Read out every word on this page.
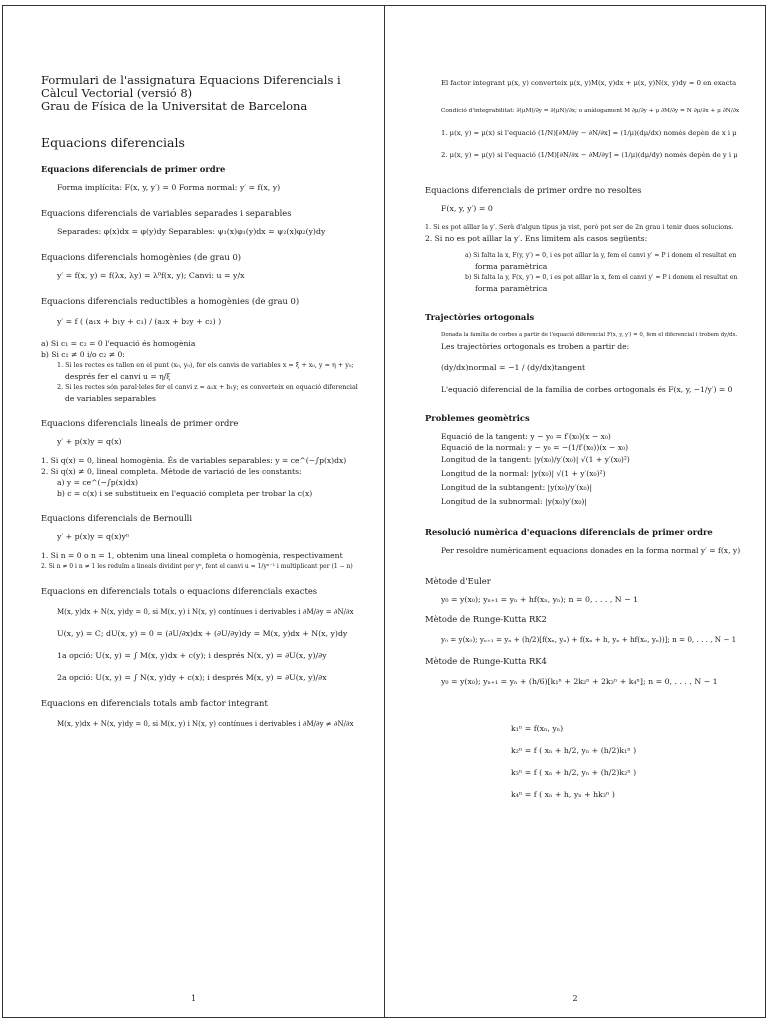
Formulari de l'assignatura Equacions Diferencials i Càlcul Vectorial (versió 8)
Grau de Física de la Universitat de Barcelona
Equacions diferencials
Equacions diferencials de primer ordre
Forma implícita: F(x, y, y′) = 0 Forma normal: y′ = f(x, y)
Equacions diferencials de variables separades i separables
Separades: φ(x)dx = φ(y)dy Separables: ψ₁(x)φ₁(y)dx = ψ₂(x)φ₂(y)dy
Equacions diferencials homogènies (de grau 0)
y′ = f(x, y) = f(λx, λy) = λ⁰f(x, y); Canvi: u = y/x
Equacions diferencials reductibles a homogènies (de grau 0)
y′ = f ( (a₁x + b₁y + c₁) / (a₂x + b₂y + c₂) )
a) Si c₁ = c₂ = 0 l'equació és homogènia
b) Si c₁ ≠ 0 i/o c₂ ≠ 0:
1. Si les rectes es tallen en el punt (x₀, y₀), fer els canvis de variables x = ξ + x₀, y = η + y₀;
després fer el canvi u = η/ξ
2. Si les rectes són paral·leles fer el canvi z = a₁x + b₁y; es converteix en equació diferencial
de variables separables
Equacions diferencials lineals de primer ordre
y′ + p(x)y = q(x)
1. Si q(x) = 0, lineal homogènia. És de variables separables: y = ce^(−∫p(x)dx)
2. Si q(x) ≠ 0, lineal completa. Mètode de variació de les constants:
a) y = ce^(−∫p(x)dx)
b) c = c(x) i se substitueix en l'equació completa per trobar la c(x)
Equacions diferencials de Bernoulli
y′ + p(x)y = q(x)yⁿ
1. Si n = 0 o n = 1, obtenim una lineal completa o homogènia, respectivament
2. Si n ≠ 0 i n ≠ 1 les reduïm a lineals dividint per yⁿ, fent el canvi u = 1/yⁿ⁻¹ i multiplicant per (1 − n)
Equacions en diferencials totals o equacions diferencials exactes
M(x, y)dx + N(x, y)dy = 0, si M(x, y) i N(x, y) contínues i derivables i ∂M/∂y = ∂N/∂x
U(x, y) = C; dU(x, y) = 0 = (∂U/∂x)dx + (∂U/∂y)dy = M(x, y)dx + N(x, y)dy
1a opció: U(x, y) = ∫ M(x, y)dx + c(y); i després N(x, y) = ∂U(x, y)/∂y
2a opció: U(x, y) = ∫ N(x, y)dy + c(x); i després M(x, y) = ∂U(x, y)/∂x
Equacions en diferencials totals amb factor integrant
M(x, y)dx + N(x, y)dy = 0, si M(x, y) i N(x, y) contínues i derivables i ∂M/∂y ≠ ∂N/∂x
1
El factor integrant μ(x, y) converteix μ(x, y)M(x, y)dx + μ(x, y)N(x, y)dy = 0 en exacta
Condició d'integrabilitat: ∂(μM)/∂y = ∂(μN)/∂x; o anàlogament M ∂μ/∂y + μ ∂M/∂y = N ∂μ/∂x + μ ∂N/∂x
1. μ(x, y) = μ(x) si l'equació (1/N)[∂M/∂y − ∂N/∂x] = (1/μ)(dμ/dx) només depèn de x i μ
2. μ(x, y) = μ(y) si l'equació (1/M)[∂N/∂x − ∂M/∂y] = (1/μ)(dμ/dy) només depèn de y i μ
Equacions diferencials de primer ordre no resoltes
F(x, y, y′) = 0
1. Si es pot aïllar la y′. Serà d'algun tipus ja vist, però pot ser de 2n grau i tenir dues solucions.
2. Si no es pot aïllar la y′. Ens limitem als casos següents:
a) Si falta la x, F(y, y′) = 0, i es pot aïllar la y, fem el canvi y′ = P i donem el resultat en
forma paramètrica
b) Si falta la y, F(x, y′) = 0, i es pot aïllar la x, fem el canvi y′ = P i donem el resultat en
forma paramètrica
Trajectòries ortogonals
Donada la família de corbes a partir de l'equació diferencial F(x, y, y′) = 0, fem el diferencial i trobem dy/dx.
Les trajectòries ortogonals es troben a partir de:
(dy/dx)normal = −1 / (dy/dx)tangent
L'equació diferencial de la família de corbes ortogonals és F(x, y, −1/y′) = 0
Problemes geomètrics
Equació de la tangent: y − y₀ = f′(x₀)(x − x₀)
Equació de la normal: y − y₀ = −(1/f′(x₀))(x − x₀)
Longitud de la tangent: |y(x₀)/y′(x₀)| √(1 + y′(x₀)²)
Longitud de la normal: |y(x₀)| √(1 + y′(x₀)²)
Longitud de la subtangent: |y(x₀)/y′(x₀)|
Longitud de la subnormal: |y(x₀)y′(x₀)|
Resolució numèrica d'equacions diferencials de primer ordre
Per resoldre numèricament equacions donades en la forma normal y′ = f(x, y)
Mètode d'Euler
y₀ = y(x₀); yₙ₊₁ = yₙ + hf(xₙ, yₙ); n = 0, . . . , N − 1
Mètode de Runge-Kutta RK2
y₀ = y(x₀); yₙ₊₁ = yₙ + (h/2)[f(xₙ, yₙ) + f(xₙ + h, yₙ + hf(xₙ, yₙ))]; n = 0, . . . , N − 1
Mètode de Runge-Kutta RK4
y₀ = y(x₀); yₙ₊₁ = yₙ + (h/6)[k₁ⁿ + 2k₂ⁿ + 2k₃ⁿ + k₄ⁿ]; n = 0, . . . , N − 1
k₁ⁿ = f(xₙ, yₙ)
k₂ⁿ = f ( xₙ + h/2, yₙ + (h/2)k₁ⁿ )
k₃ⁿ = f ( xₙ + h/2, yₙ + (h/2)k₂ⁿ )
k₄ⁿ = f ( xₙ + h, yₙ + hk₃ⁿ )
2
